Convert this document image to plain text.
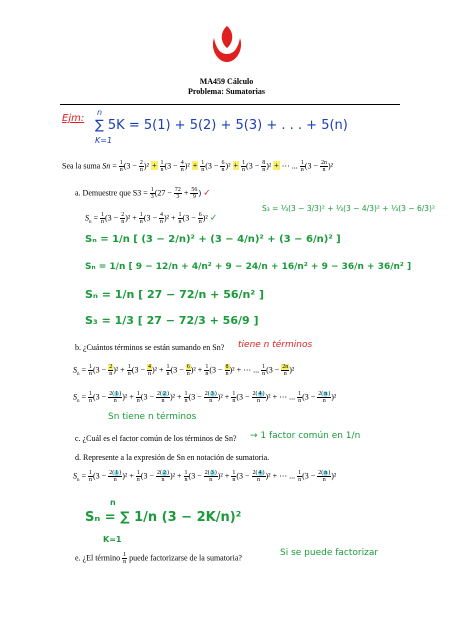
MA459 Cálculo
Problema: Sumatorias
Ejm:
n
∑ 5K = 5(1) + 5(2) + 5(3) + . . . + 5(n)
K=1
Sea la suma $Sn = \frac{1}{n} (3 - \frac{2}{n} )^2 + \frac{1}{n} (3 - \frac{4}{n} )^2 + \frac{1}{n} (3 - \frac{6}{n} )^2 + \frac{1}{n} (3 - \frac{8}{n} )^2$ + ⋯ ... $\frac{1}{n} (3 - \frac{2n}{n} )^2$
a. Demuestre que $S3 = \frac{1}{3} (27 - \frac{72}{3} + \frac{56}{9}$ ) ✓
$S_n = \frac{1}{n} (3 - \frac{2}{n} )^2 + \frac{1}{n} (3 - \frac{4}{n} )^2 + \frac{1}{n} (3 - \frac{6}{n} )^2$ ✓
S₃ = ⅓(3 − 3/3)² + ⅓(3 − 4/3)² + ⅓(3 − 6/3)²
Sₙ = 1/n [ (3 − 2/n)² + (3 − 4/n)² + (3 − 6/n)² ]
Sₙ = 1/n [ 9 − 12/n + 4/n² + 9 − 24/n + 16/n² + 9 − 36/n + 36/n² ]
Sₙ = 1/n [ 27 − 72/n + 56/n² ]
S₃ = 1/3 [ 27 − 72/3 + 56/9 ]
b. ¿Cuántos términos se están sumando en Sn? tiene n términos
$S_n = \frac{1}{n} (3 - \frac{2}{n} )^2 + \frac{1}{n} (3 - \frac{4}{n} )^2 + \frac{1}{n} (3 - \frac{6}{n} )^2 + \frac{1}{n} (3 - \frac{8}{n} )^2$ + ⋯ ... $\frac{1}{n} (3 - \frac{2n}{n} )^2$
$S_n = \frac{1}{n} (3 - \frac{2(1)}{n} )^2 + \frac{1}{n} (3 - \frac{2(2)}{n} )^2 + \frac{1}{n} (3 - \frac{2(3)}{n} )^2 + \frac{1}{n} (3 - \frac{2(4)}{n} )^2$ + ⋯ ... $\frac{1}{n} (3 - \frac{2(n)}{n} )^2$
Sn tiene n términos
c. ¿Cuál es el factor común de los términos de Sn? → 1 factor común en 1/n
d. Represente a la expresión de Sn en notación de sumatoria.
$S_n = \frac{1}{n} (3 - \frac{2(1)}{n} )^2 + \frac{1}{n} (3 - \frac{2(2)}{n} )^2 + \frac{1}{n} (3 - \frac{2(3)}{n} )^2 + \frac{1}{n} (3 - \frac{2(4)}{n} )^2$ + ⋯ ... $\frac{1}{n} (3 - \frac{2(n)}{n} )^2$
n
Sₙ = ∑ 1/n (3 − 2K/n)²
K=1
e. ¿El término $\frac{1}{n}$ puede factorizarse de la sumatoria?	Si se puede factorizar
